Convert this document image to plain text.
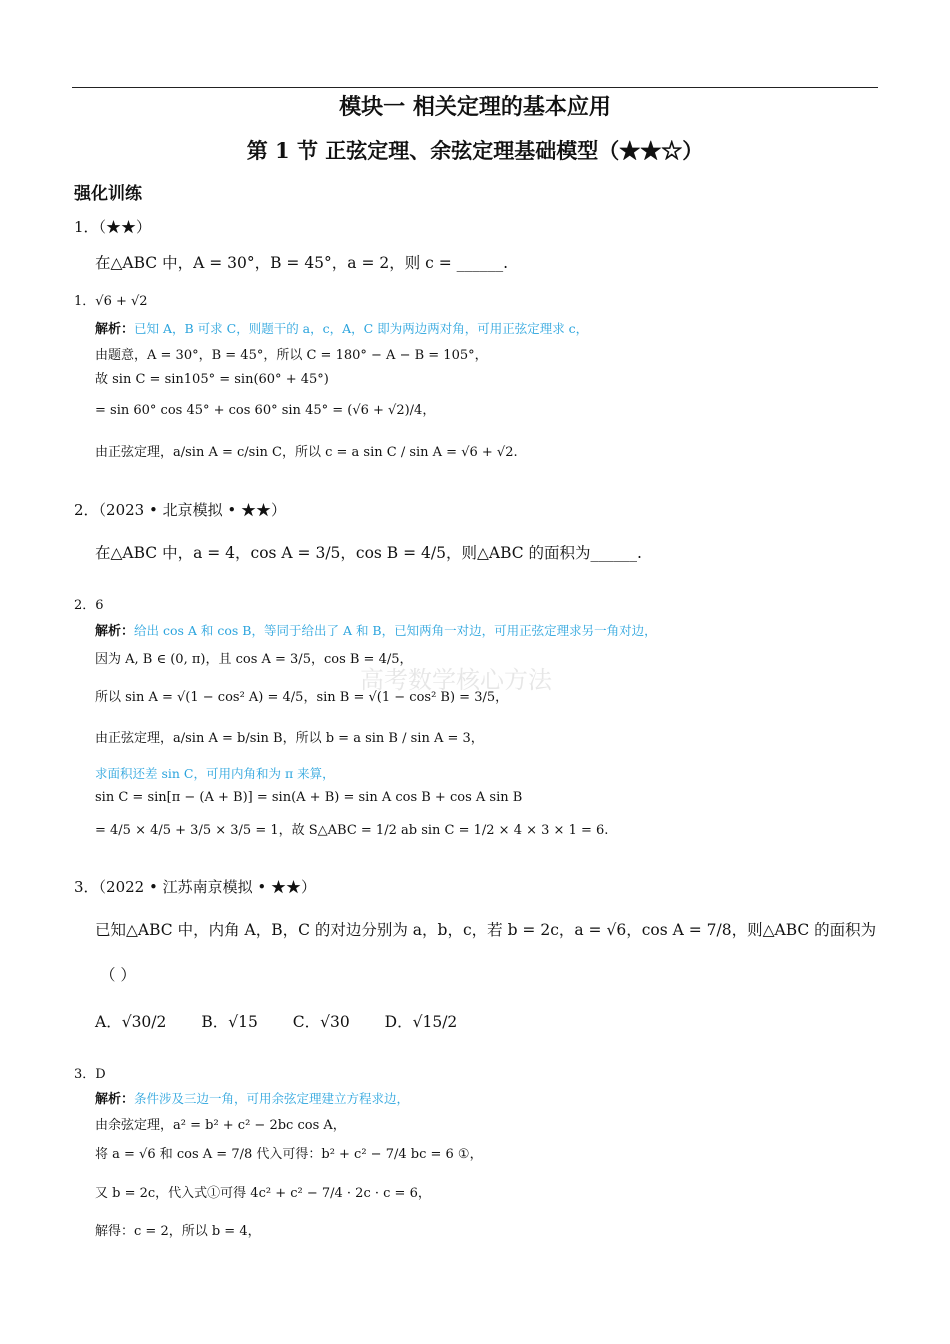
模块一 相关定理的基本应用
第 1 节 正弦定理、余弦定理基础模型（★★☆）
强化训练
高考数学核心方法
1．（★★）
在△ABC 中，A = 30°，B = 45°，a = 2，则 c = ______.
1．√6 + √2
解析：已知 A，B 可求 C，则题干的 a，c，A，C 即为两边两对角，可用正弦定理求 c，
由题意，A = 30°，B = 45°，所以 C = 180° − A − B = 105°，
故 sin C = sin105° = sin(60° + 45°)
= sin 60° cos 45° + cos 60° sin 45° = (√6 + √2)/4，
由正弦定理，a/sin A = c/sin C，所以 c = a sin C / sin A = √6 + √2.
2．（2023 • 北京模拟 • ★★）
在△ABC 中，a = 4，cos A = 3/5，cos B = 4/5，则△ABC 的面积为______.
2．6
解析：给出 cos A 和 cos B，等同于给出了 A 和 B，已知两角一对边，可用正弦定理求另一角对边，
因为 A, B ∈ (0, π)，且 cos A = 3/5，cos B = 4/5，
所以 sin A = √(1 − cos² A) = 4/5，sin B = √(1 − cos² B) = 3/5，
由正弦定理，a/sin A = b/sin B，所以 b = a sin B / sin A = 3，
求面积还差 sin C，可用内角和为 π 来算，
sin C = sin[π − (A + B)] = sin(A + B) = sin A cos B + cos A sin B
= 4/5 × 4/5 + 3/5 × 3/5 = 1，故 S△ABC = 1/2 ab sin C = 1/2 × 4 × 3 × 1 = 6.
3．（2022 • 江苏南京模拟 • ★★）
已知△ABC 中，内角 A，B，C 的对边分别为 a，b，c，若 b = 2c，a = √6，cos A = 7/8，则△ABC 的面积为
（ ）
A．√30/2 B．√15 C．√30 D．√15/2
3．D
解析：条件涉及三边一角，可用余弦定理建立方程求边，
由余弦定理，a² = b² + c² − 2bc cos A，
将 a = √6 和 cos A = 7/8 代入可得：b² + c² − 7/4 bc = 6 ①，
又 b = 2c，代入式①可得 4c² + c² − 7/4 · 2c · c = 6，
解得：c = 2，所以 b = 4，
